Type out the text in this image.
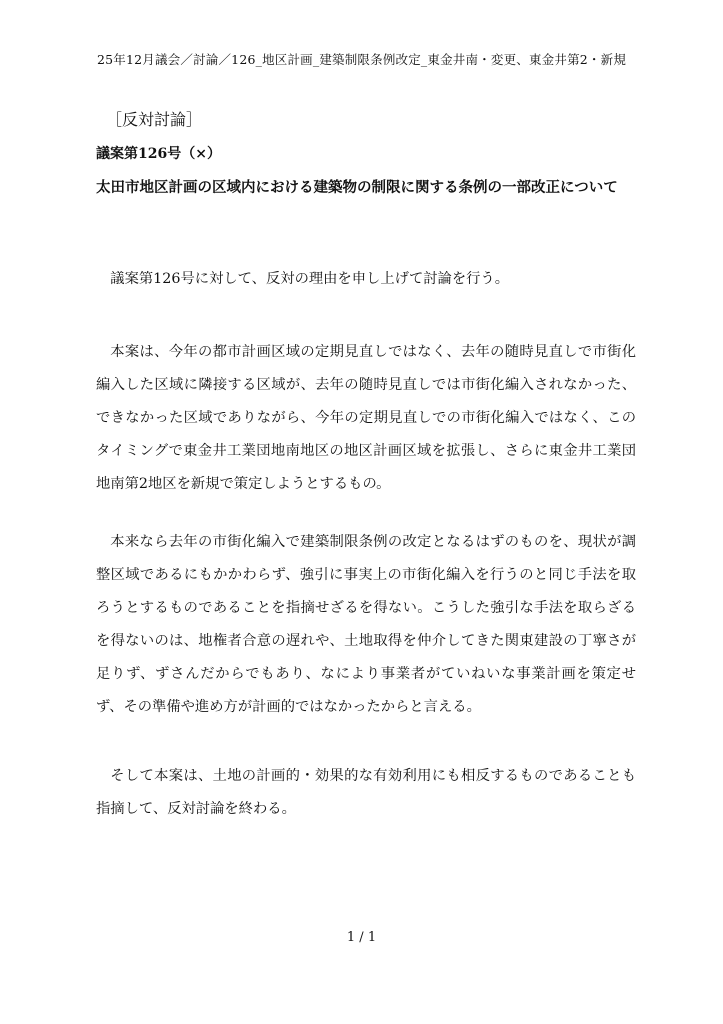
25年12月議会／討論／126_地区計画_建築制限条例改定_東金井南・変更、東金井第2・新規
［反対討論］
議案第126号（×）
太田市地区計画の区域内における建築物の制限に関する条例の一部改正について
議案第126号に対して、反対の理由を申し上げて討論を行う。
本案は、今年の都市計画区域の定期見直しではなく、去年の随時見直しで市街化編入した区域に隣接する区域が、去年の随時見直しでは市街化編入されなかった、できなかった区域でありながら、今年の定期見直しでの市街化編入ではなく、このタイミングで東金井工業団地南地区の地区計画区域を拡張し、さらに東金井工業団地南第2地区を新規で策定しようとするもの。
本来なら去年の市街化編入で建築制限条例の改定となるはずのものを、現状が調整区域であるにもかかわらず、強引に事実上の市街化編入を行うのと同じ手法を取ろうとするものであることを指摘せざるを得ない。こうした強引な手法を取らざるを得ないのは、地権者合意の遅れや、土地取得を仲介してきた関東建設の丁寧さが足りず、ずさんだからでもあり、なにより事業者がていねいな事業計画を策定せず、その準備や進め方が計画的ではなかったからと言える。
そして本案は、土地の計画的・効果的な有効利用にも相反するものであることも指摘して、反対討論を終わる。
1 / 1
